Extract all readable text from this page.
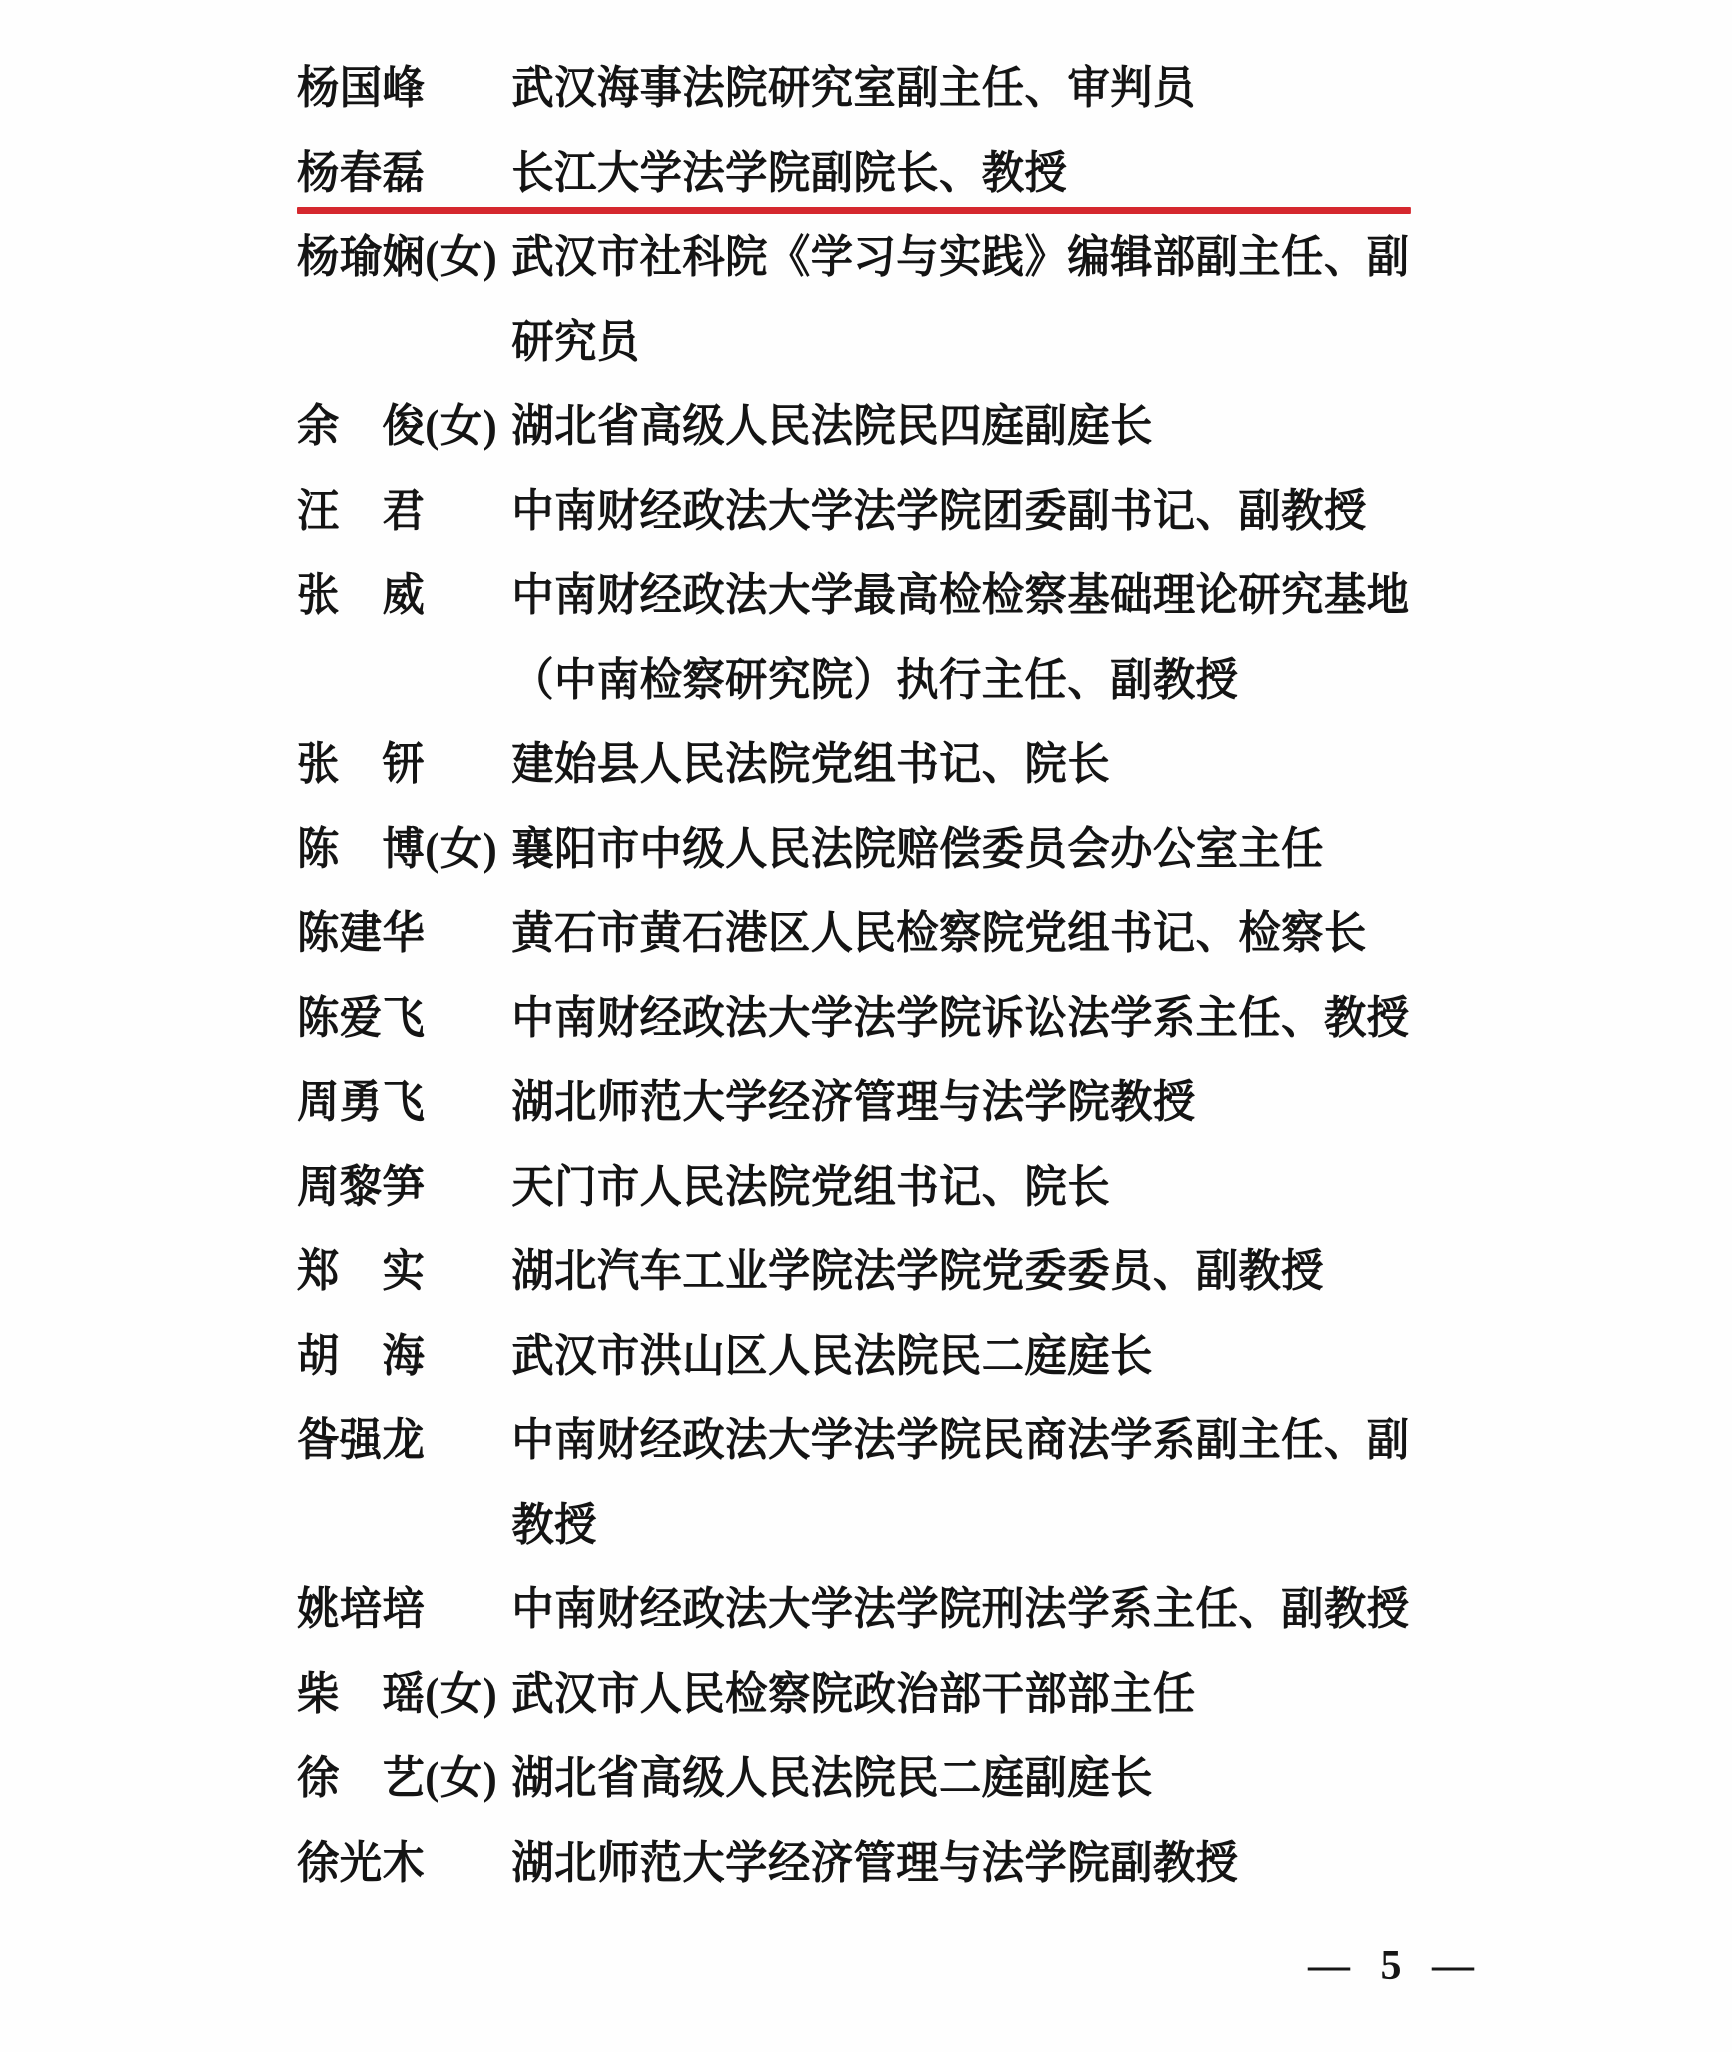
杨国峰 武汉海事法院研究室副主任、审判员
杨春磊 长江大学法学院副院长、教授
杨瑜娴(女) 武汉市社科院《学习与实践》编辑部副主任、副
研究员
余　俊(女) 湖北省高级人民法院民四庭副庭长
汪　君 中南财经政法大学法学院团委副书记、副教授
张　威 中南财经政法大学最高检检察基础理论研究基地
（中南检察研究院）执行主任、副教授
张　钘 建始县人民法院党组书记、院长
陈　博(女) 襄阳市中级人民法院赔偿委员会办公室主任
陈建华 黄石市黄石港区人民检察院党组书记、检察长
陈爱飞 中南财经政法大学法学院诉讼法学系主任、教授
周勇飞 湖北师范大学经济管理与法学院教授
周黎笋 天门市人民法院党组书记、院长
郑　实 湖北汽车工业学院法学院党委委员、副教授
胡　海 武汉市洪山区人民法院民二庭庭长
昝强龙 中南财经政法大学法学院民商法学系副主任、副
教授
姚培培 中南财经政法大学法学院刑法学系主任、副教授
柴　瑶(女) 武汉市人民检察院政治部干部部主任
徐　艺(女) 湖北省高级人民法院民二庭副庭长
徐光木 湖北师范大学经济管理与法学院副教授
— 5 —
